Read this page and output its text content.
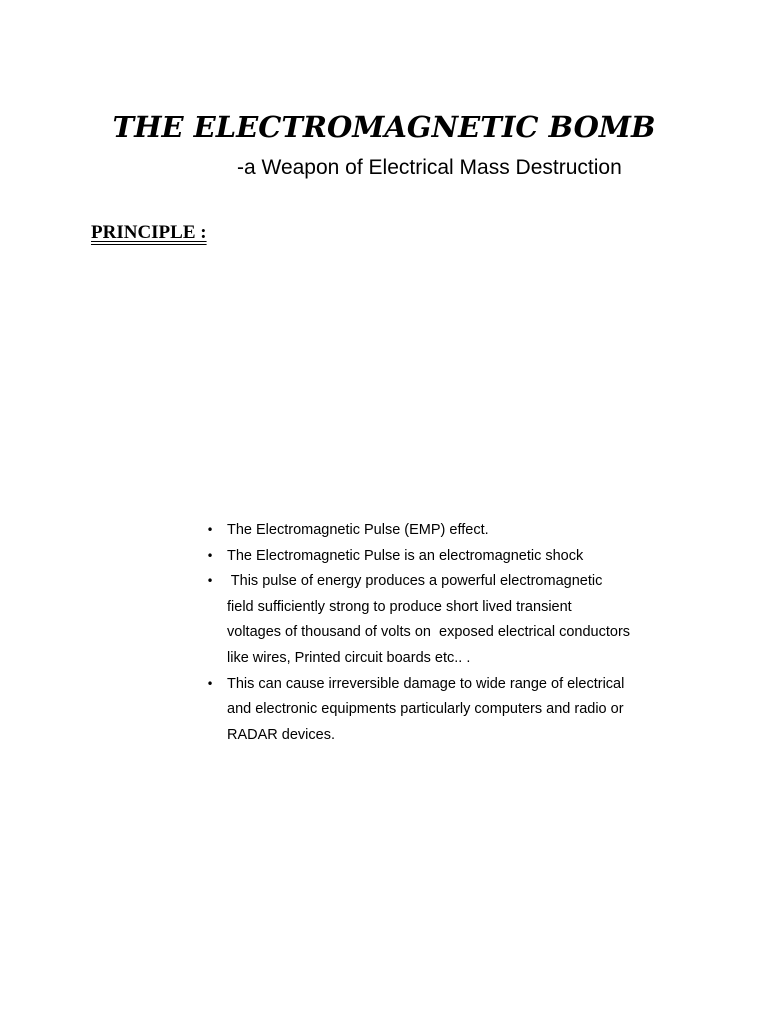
THE ELECTROMAGNETIC BOMB

-a Weapon of Electrical Mass Destruction

PRINCIPLE :
• The Electromagnetic Pulse (EMP) effect.
• The Electromagnetic Pulse is an electromagnetic shock
• This pulse of energy produces a powerful electromagnetic
field sufficiently strong to produce short lived transient
voltages of thousand of volts on  exposed electrical conductors
like wires, Printed circuit boards etc.. .
• This can cause irreversible damage to wide range of electrical
and electronic equipments particularly computers and radio or
RADAR devices.
